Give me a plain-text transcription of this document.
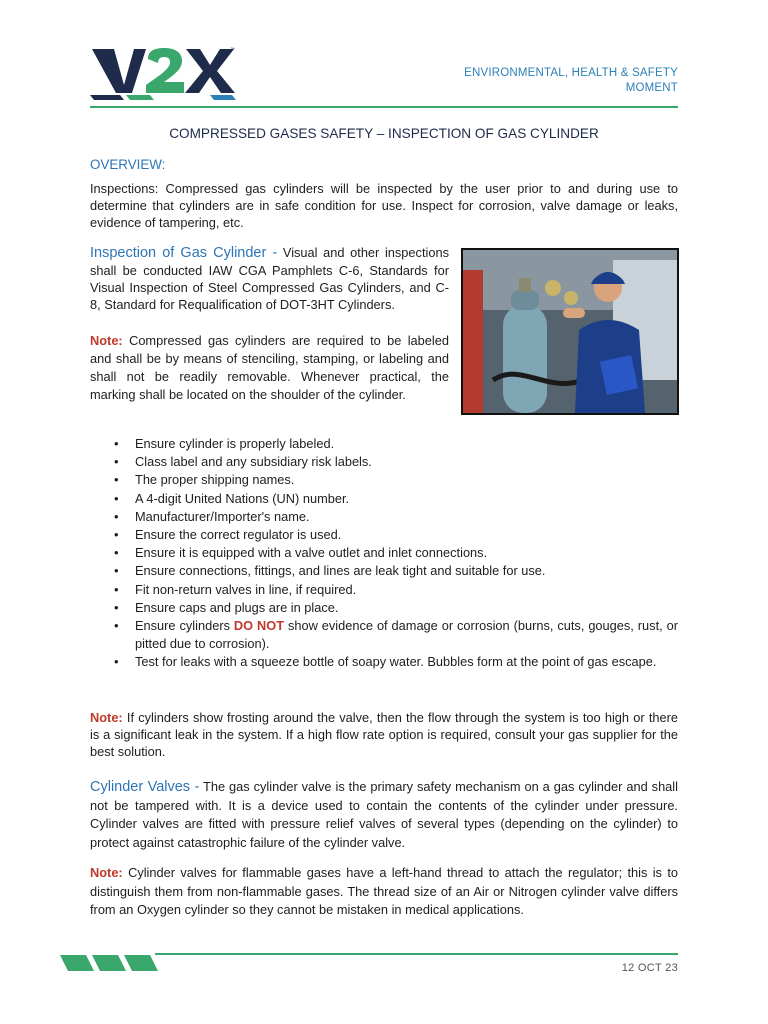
™
ENVIRONMENTAL, HEALTH & SAFETY
MOMENT
COMPRESSED GASES SAFETY – INSPECTION OF GAS CYLINDER
OVERVIEW:
Inspections: Compressed gas cylinders will be inspected by the user prior to and during use to determine that cylinders are in safe condition for use. Inspect for corrosion, valve damage or leaks, evidence of tampering, etc.
Inspection of Gas Cylinder - Visual and other inspections shall be conducted IAW CGA Pamphlets C-6, Standards for Visual Inspection of Steel Compressed Gas Cylinders, and C-8, Standard for Requalification of DOT-3HT Cylinders.
Note: Compressed gas cylinders are required to be labeled and shall be by means of stenciling, stamping, or labeling and shall not be readily removable. Whenever practical, the marking shall be located on the shoulder of the cylinder.
• Ensure cylinder is properly labeled.
• Class label and any subsidiary risk labels.
• The proper shipping names.
• A 4-digit United Nations (UN) number.
• Manufacturer/Importer's name.
• Ensure the correct regulator is used.
• Ensure it is equipped with a valve outlet and inlet connections.
• Ensure connections, fittings, and lines are leak tight and suitable for use.
• Fit non-return valves in line, if required.
• Ensure caps and plugs are in place.
• Ensure cylinders DO NOT show evidence of damage or corrosion (burns, cuts, gouges, rust, or pitted due to corrosion).
• Test for leaks with a squeeze bottle of soapy water. Bubbles form at the point of gas escape.
Note: If cylinders show frosting around the valve, then the flow through the system is too high or there is a significant leak in the system. If a high flow rate option is required, consult your gas supplier for the best solution.
Cylinder Valves - The gas cylinder valve is the primary safety mechanism on a gas cylinder and shall not be tampered with. It is a device used to contain the contents of the cylinder under pressure. Cylinder valves are fitted with pressure relief valves of several types (depending on the cylinder) to protect against catastrophic failure of the cylinder valve.
Note: Cylinder valves for flammable gases have a left-hand thread to attach the regulator; this is to distinguish them from non-flammable gases. The thread size of an Air or Nitrogen cylinder valve differs from an Oxygen cylinder so they cannot be mistaken in medical applications.
12 OCT 23
